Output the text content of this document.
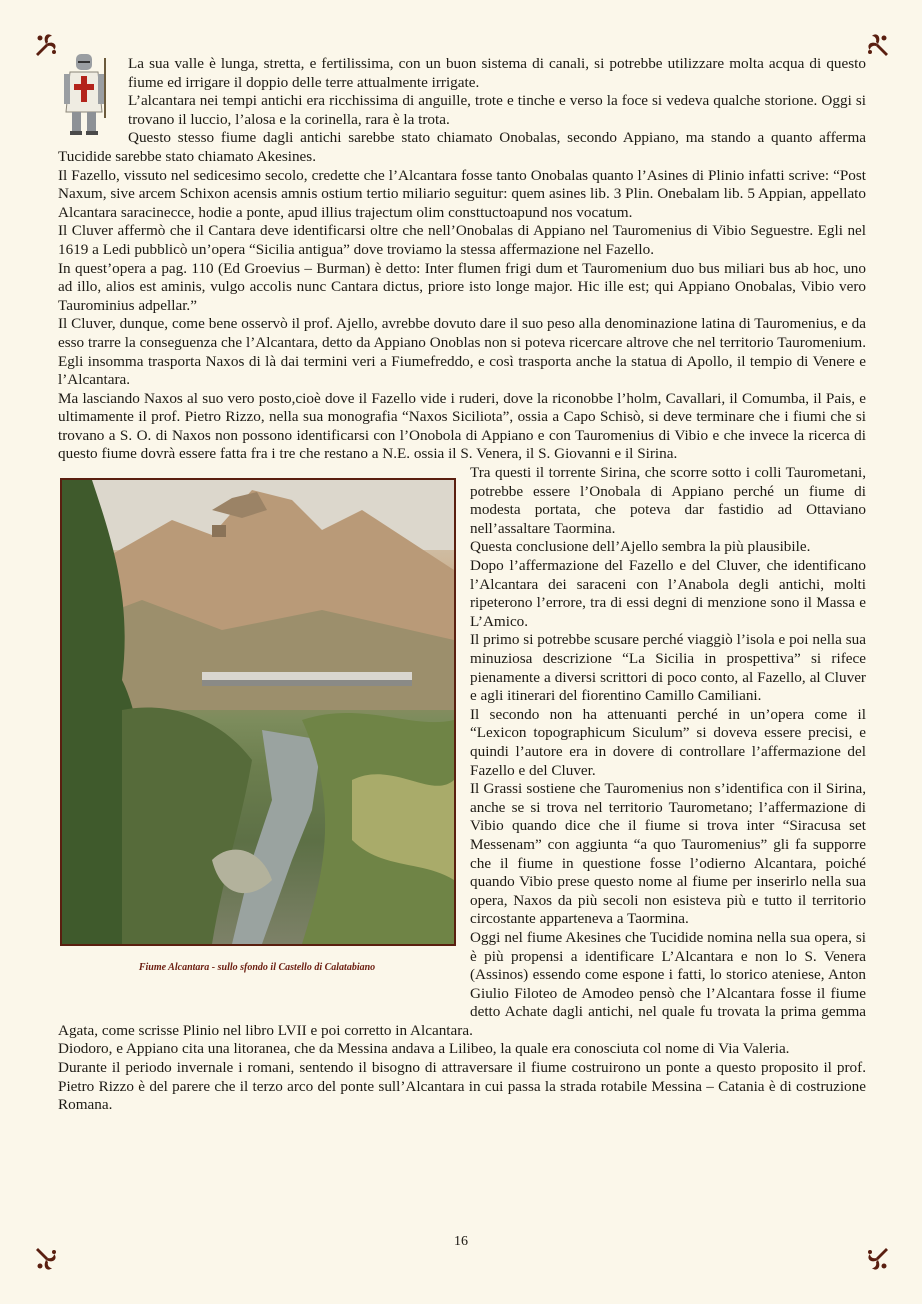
La sua valle è lunga, stretta, e fertilissima, con un buon sistema di canali, si potrebbe utilizzare molta acqua di questo fiume ed irrigare il doppio delle terre attualmente irrigate.

L’alcantara nei tempi antichi era ricchissima di anguille, trote e tinche e verso la foce si vedeva qualche storione. Oggi si trovano il luccio, l’alosa e la corinella, rara è la trota.

Questo stesso fiume dagli antichi sarebbe stato chiamato Onobalas, secondo Appiano, ma stando a quanto afferma Tucidide sarebbe stato chiamato Akesines.

Il Fazello, vissuto nel sedicesimo secolo, credette che l’Alcantara fosse tanto Onobalas quanto l’Asines di Plinio infatti scrive: “Post Naxum, sive arcem Schixon acensis amnis ostium tertio miliario seguitur: quem asines lib. 3 Plin. Onebalam lib. 5 Appian, appellato Alcantara saracinecce, hodie a ponte, apud illius trajectum olim consttuctoapund nos vocatum.

Il Cluver affermò che il Cantara deve identificarsi oltre che nell’Onobalas di Appiano nel Tauromenius di Vibio Seguestre. Egli nel 1619 a Ledi pubblicò un’opera “Sicilia antigua” dove troviamo la stessa affermazione nel Fazello.

In quest’opera a pag. 110 (Ed Groevius – Burman) è detto: Inter flumen frigi dum et Tauromenium duo bus miliari bus ab hoc, uno ad illo, alios est aminis, vulgo accolis nunc Cantara dictus, priore isto longe major. Hic ille est; qui Appiano Onobalas, Vibio vero Taurominius adpellar.”

Il Cluver, dunque, come bene osservò il prof. Ajello, avrebbe dovuto dare il suo peso alla denominazione latina di Tauromenius, e da esso trarre la conseguenza che l’Alcantara, detto da Appiano Onoblas non si poteva ricercare altrove che nel territorio Tauromenium. Egli insomma trasporta Naxos di là dai termini veri a Fiumefreddo, e così trasporta anche la statua di Apollo, il tempio di Venere e l’Alcantara.

Ma lasciando Naxos al suo vero posto,cioè dove il Fazello vide i ruderi, dove la riconobbe l’holm, Cavallari, il Comumba, il Pais, e ultimamente il prof. Pietro Rizzo, nella sua monografia “Naxos Siciliota”, ossia a Capo Schisò, si deve terminare che i fiumi che si trovano a S. O. di Naxos non possono identificarsi con l’Onobola di Appiano e con Tauromenius di Vibio e che invece la ricerca di questo fiume dovrà essere fatta fra i tre che restano a N.E. ossia il S. Venera, il S. Giovanni e il Sirina.

Fiume Alcantara - sullo sfondo il Castello di Calatabiano

Tra questi il torrente Sirina, che scorre sotto i colli Taurometani, potrebbe essere l’Onobala di Appiano perché un fiume di modesta portata, che poteva dar fastidio ad Ottaviano nell’assaltare Taormina.

Questa conclusione dell’Ajello sembra la più plausibile.

Dopo l’affermazione del Fazello e del Cluver, che identificano l’Alcantara dei saraceni con l’Anabola degli antichi, molti ripeterono l’errore, tra di essi degni di menzione sono il Massa e L’Amico.

Il primo si potrebbe scusare perché viaggiò l’isola e poi nella sua minuziosa descrizione “La Sicilia in prospettiva” si rifece pienamente a diversi scrittori di poco conto, al Fazello, al Cluver e agli itinerari del fiorentino Camillo Camiliani.

Il secondo non ha attenuanti perché in un’opera come il “Lexicon topographicum Siculum” si doveva essere precisi, e quindi l’autore era in dovere di controllare l’affermazione del Fazello e del Cluver.

Il Grassi sostiene che Tauromenius non s’identifica con il Sirina, anche se si trova nel territorio Taurometano; l’affermazione di Vibio quando dice che il fiume si trova inter “Siracusa set Messenam” con aggiunta “a quo Tauromenius” gli fa supporre che il fiume in questione fosse l’odierno Alcantara, poiché quando Vibio prese questo nome al fiume per inserirlo nella sua opera, Naxos da più secoli non esisteva più e tutto il territorio circostante apparteneva a Taormina.

Oggi nel fiume Akesines che Tucidide nomina nella sua opera, si è più propensi a identificare L’Alcantara e non lo S. Venera (Assinos) essendo come espone i fatti, lo storico ateniese, Anton Giulio Filoteo de Amodeo pensò che l’Alcantara fosse il fiume detto Achate dagli antichi, nel quale fu trovata la prima gemma Agata, come scrisse Plinio nel libro LVII e poi corretto in Alcantara.

Diodoro, e Appiano cita una litoranea, che da Messina andava a Lilibeo, la quale era conosciuta col nome di Via Valeria.

Durante il periodo invernale i romani, sentendo il bisogno di attraversare il fiume costruirono un ponte a questo proposito il prof. Pietro Rizzo è del parere che il terzo arco del ponte sull’Alcantara in cui passa la strada rotabile Messina – Catania è di costruzione Romana.

16
